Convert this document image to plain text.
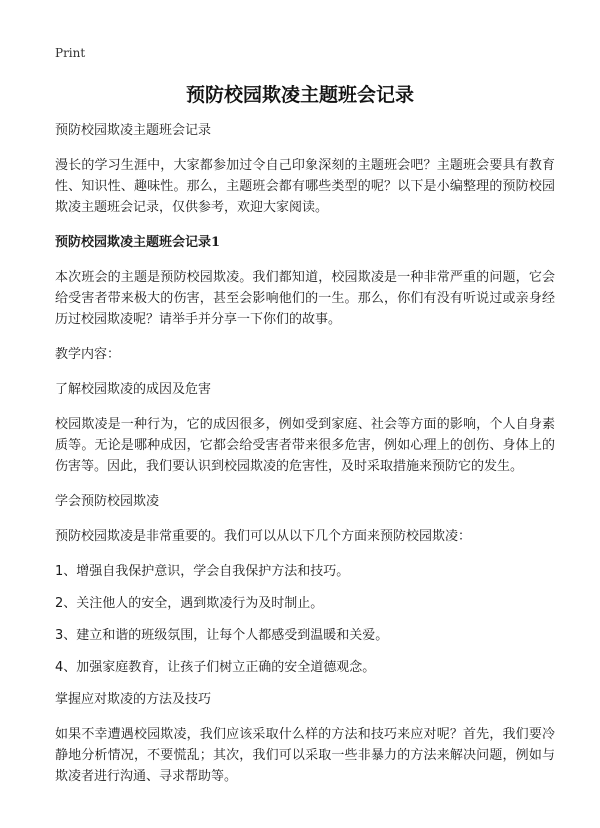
Print
预防校园欺凌主题班会记录

预防校园欺凌主题班会记录

漫长的学习生涯中，大家都参加过令自己印象深刻的主题班会吧？主题班会要具有教育性、知识性、趣味性。那么，主题班会都有哪些类型的呢？以下是小编整理的预防校园欺凌主题班会记录，仅供参考，欢迎大家阅读。

预防校园欺凌主题班会记录1

本次班会的主题是预防校园欺凌。我们都知道，校园欺凌是一种非常严重的问题，它会给受害者带来极大的伤害，甚至会影响他们的一生。那么，你们有没有听说过或亲身经历过校园欺凌呢？请举手并分享一下你们的故事。

教学内容：

了解校园欺凌的成因及危害

校园欺凌是一种行为，它的成因很多，例如受到家庭、社会等方面的影响，个人自身素质等。无论是哪种成因，它都会给受害者带来很多危害，例如心理上的创伤、身体上的伤害等。因此，我们要认识到校园欺凌的危害性，及时采取措施来预防它的发生。

学会预防校园欺凌

预防校园欺凌是非常重要的。我们可以从以下几个方面来预防校园欺凌：

1、增强自我保护意识，学会自我保护方法和技巧。

2、关注他人的安全，遇到欺凌行为及时制止。

3、建立和谐的班级氛围，让每个人都感受到温暖和关爱。

4、加强家庭教育，让孩子们树立正确的安全道德观念。

掌握应对欺凌的方法及技巧

如果不幸遭遇校园欺凌，我们应该采取什么样的方法和技巧来应对呢？首先，我们要冷静地分析情况，不要慌乱；其次，我们可以采取一些非暴力的方法来解决问题，例如与欺凌者进行沟通、寻求帮助等。
